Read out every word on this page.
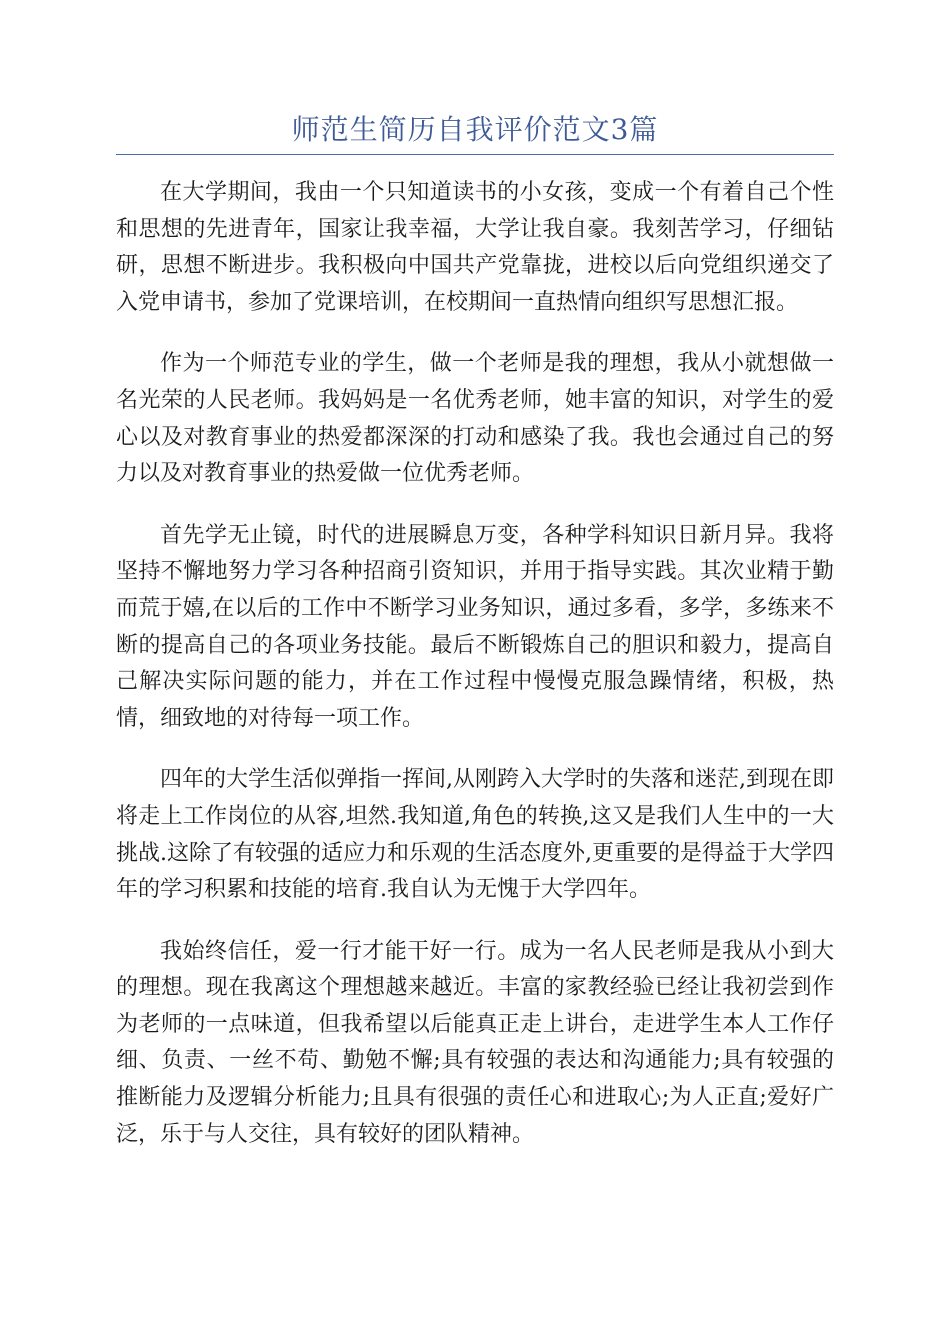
师范生简历自我评价范文3篇

在大学期间，我由一个只知道读书的小女孩，变成一个有着自己个性和思想的先进青年，国家让我幸福，大学让我自豪。我刻苦学习，仔细钻研，思想不断进步。我积极向中国共产党靠拢，进校以后向党组织递交了入党申请书，参加了党课培训，在校期间一直热情向组织写思想汇报。

作为一个师范专业的学生，做一个老师是我的理想，我从小就想做一名光荣的人民老师。我妈妈是一名优秀老师，她丰富的知识，对学生的爱心以及对教育事业的热爱都深深的打动和感染了我。我也会通过自己的努力以及对教育事业的热爱做一位优秀老师。

首先学无止镜，时代的进展瞬息万变，各种学科知识日新月异。我将坚持不懈地努力学习各种招商引资知识，并用于指导实践。其次业精于勤而荒于嬉,在以后的工作中不断学习业务知识，通过多看，多学，多练来不断的提高自己的各项业务技能。最后不断锻炼自己的胆识和毅力，提高自己解决实际问题的能力，并在工作过程中慢慢克服急躁情绪，积极，热情，细致地的对待每一项工作。

四年的大学生活似弹指一挥间,从刚跨入大学时的失落和迷茫,到现在即将走上工作岗位的从容,坦然.我知道,角色的转换,这又是我们人生中的一大挑战.这除了有较强的适应力和乐观的生活态度外,更重要的是得益于大学四年的学习积累和技能的培育.我自认为无愧于大学四年。

我始终信任，爱一行才能干好一行。成为一名人民老师是我从小到大的理想。现在我离这个理想越来越近。丰富的家教经验已经让我初尝到作为老师的一点味道，但我希望以后能真正走上讲台，走进学生本人工作仔细、负责、一丝不苟、勤勉不懈;具有较强的表达和沟通能力;具有较强的推断能力及逻辑分析能力;且具有很强的责任心和进取心;为人正直;爱好广泛，乐于与人交往，具有较好的团队精神。
